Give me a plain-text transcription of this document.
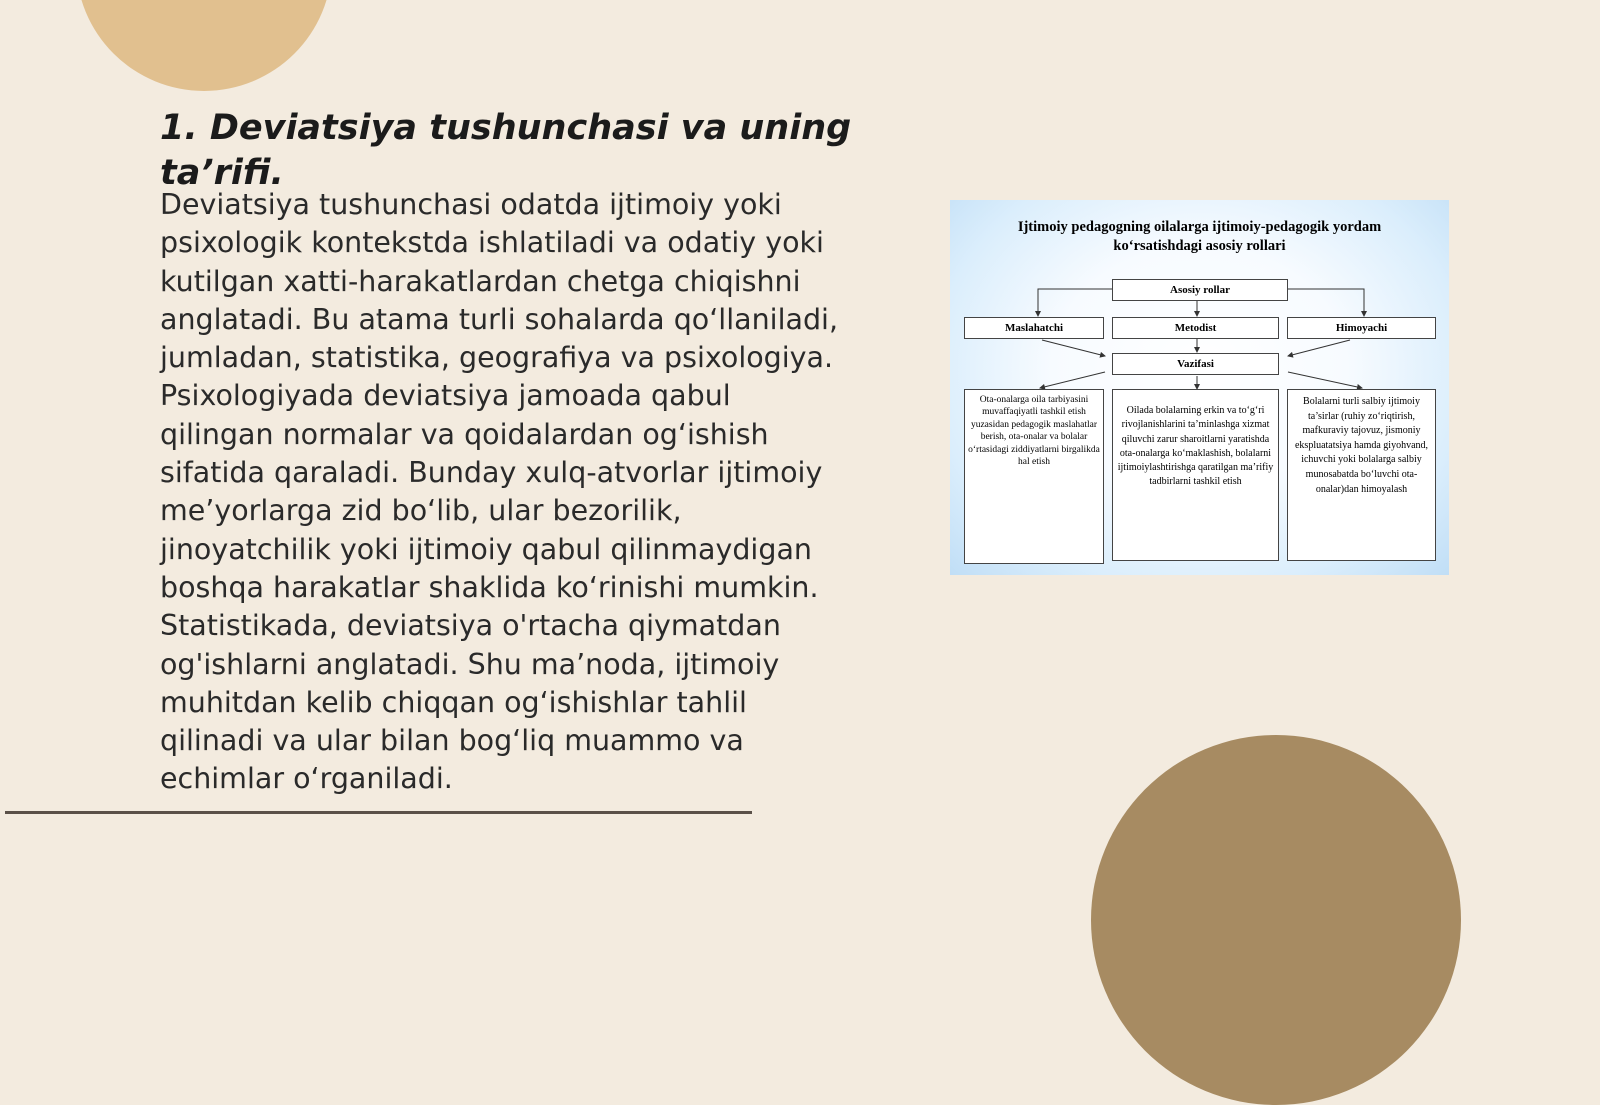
1. Deviatsiya tushunchasi va uning ta’rifi.

Deviatsiya tushunchasi odatda ijtimoiy yoki psixologik kontekstda ishlatiladi va odatiy yoki kutilgan xatti-harakatlardan chetga chiqishni anglatadi. Bu atama turli sohalarda qo‘llaniladi, jumladan, statistika, geografiya va psixologiya. Psixologiyada deviatsiya jamoada qabul qilingan normalar va qoidalardan og‘ishish sifatida qaraladi. Bunday xulq-atvorlar ijtimoiy me’yorlarga zid bo‘lib, ular bezorilik, jinoyatchilik yoki ijtimoiy qabul qilinmaydigan boshqa harakatlar shaklida ko‘rinishi mumkin. Statistikada, deviatsiya o'rtacha qiymatdan og'ishlarni anglatadi. Shu ma’noda, ijtimoiy muhitdan kelib chiqqan og‘ishishlar tahlil qilinadi va ular bilan bog‘liq muammo va echimlar o‘rganiladi.

Ijtimoiy pedagogning oilalarga ijtimoiy-pedagogik yordam ko‘rsatishdagi asosiy rollari
Asosiy rollar
Maslahatchi	Metodist	Himoyachi
Vazifasi
Ota-onalarga oila tarbiyasini muvaffaqiyatli tashkil etish yuzasidan pedagogik maslahatlar berish, ota-onalar va bolalar o‘rtasidagi ziddiyatlarni birgalikda hal etish
Oilada bolalarning erkin va to‘g‘ri rivojlanishlarini ta’minlashga xizmat qiluvchi zarur sharoitlarni yaratishda ota-onalarga ko‘maklashish, bolalarni ijtimoiylashtirishga qaratilgan ma’rifiy tadbirlarni tashkil etish
Bolalarni turli salbiy ijtimoiy ta’sirlar (ruhiy zo‘riqtirish, mafkuraviy tajovuz, jismoniy ekspluatatsiya hamda giyohvand, ichuvchi yoki bolalarga salbiy munosabatda bo‘luvchi ota-onalar)dan himoyalash
